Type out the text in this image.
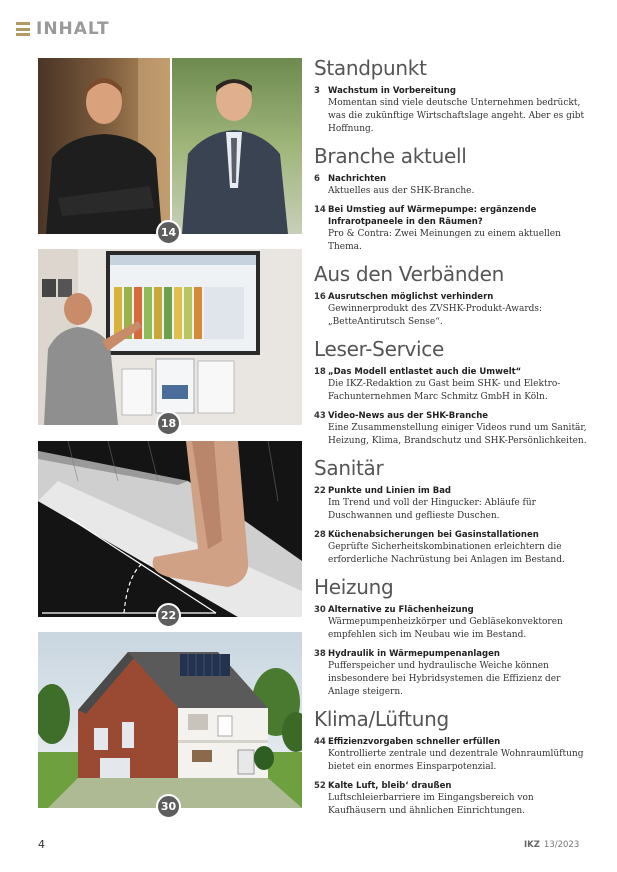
INHALT
14
18
22
30
Standpunkt
3 Wachstum in Vorbereitung
Momentan sind viele deutsche Unternehmen bedrückt, was die zukünftige Wirtschaftslage angeht. Aber es gibt Hoffnung.
Branche aktuell
6 Nachrichten
Aktuelles aus der SHK-Branche.
14 Bei Umstieg auf Wärmepumpe: ergänzende Infrarotpaneele in den Räumen?
Pro & Contra: Zwei Meinungen zu einem aktuellen Thema.
Aus den Verbänden
16 Ausrutschen möglichst verhindern
Gewinnerprodukt des ZVSHK-Produkt-Awards: „BetteAntirutsch Sense“.
Leser-Service
18 „Das Modell entlastet auch die Umwelt“
Die IKZ-Redaktion zu Gast beim SHK- und Elektro-Fachunternehmen Marc Schmitz GmbH in Köln.
43 Video-News aus der SHK-Branche
Eine Zusammenstellung einiger Videos rund um Sanitär, Heizung, Klima, Brandschutz und SHK-Persönlichkeiten.
Sanitär
22 Punkte und Linien im Bad
Im Trend und voll der Hingucker: Abläufe für Duschwannen und geflieste Duschen.
28 Küchenabsicherungen bei Gasinstallationen
Geprüfte Sicherheitskombinationen erleichtern die erforderliche Nachrüstung bei Anlagen im Bestand.
Heizung
30 Alternative zu Flächenheizung
Wärmepumpenheizkörper und Gebläsekonvektoren empfehlen sich im Neubau wie im Bestand.
38 Hydraulik in Wärmepumpenanlagen
Pufferspeicher und hydraulische Weiche können insbesondere bei Hybridsystemen die Effizienz der Anlage steigern.
Klima/Lüftung
44 Effizienzvorgaben schneller erfüllen
Kontrollierte zentrale und dezentrale Wohnraumlüftung bietet ein enormes Einsparpotenzial.
52 Kalte Luft, bleib‘ draußen
Luftschleierbarriere im Eingangsbereich von Kaufhäusern und ähnlichen Einrichtungen.
4	IKZ 13/2023
